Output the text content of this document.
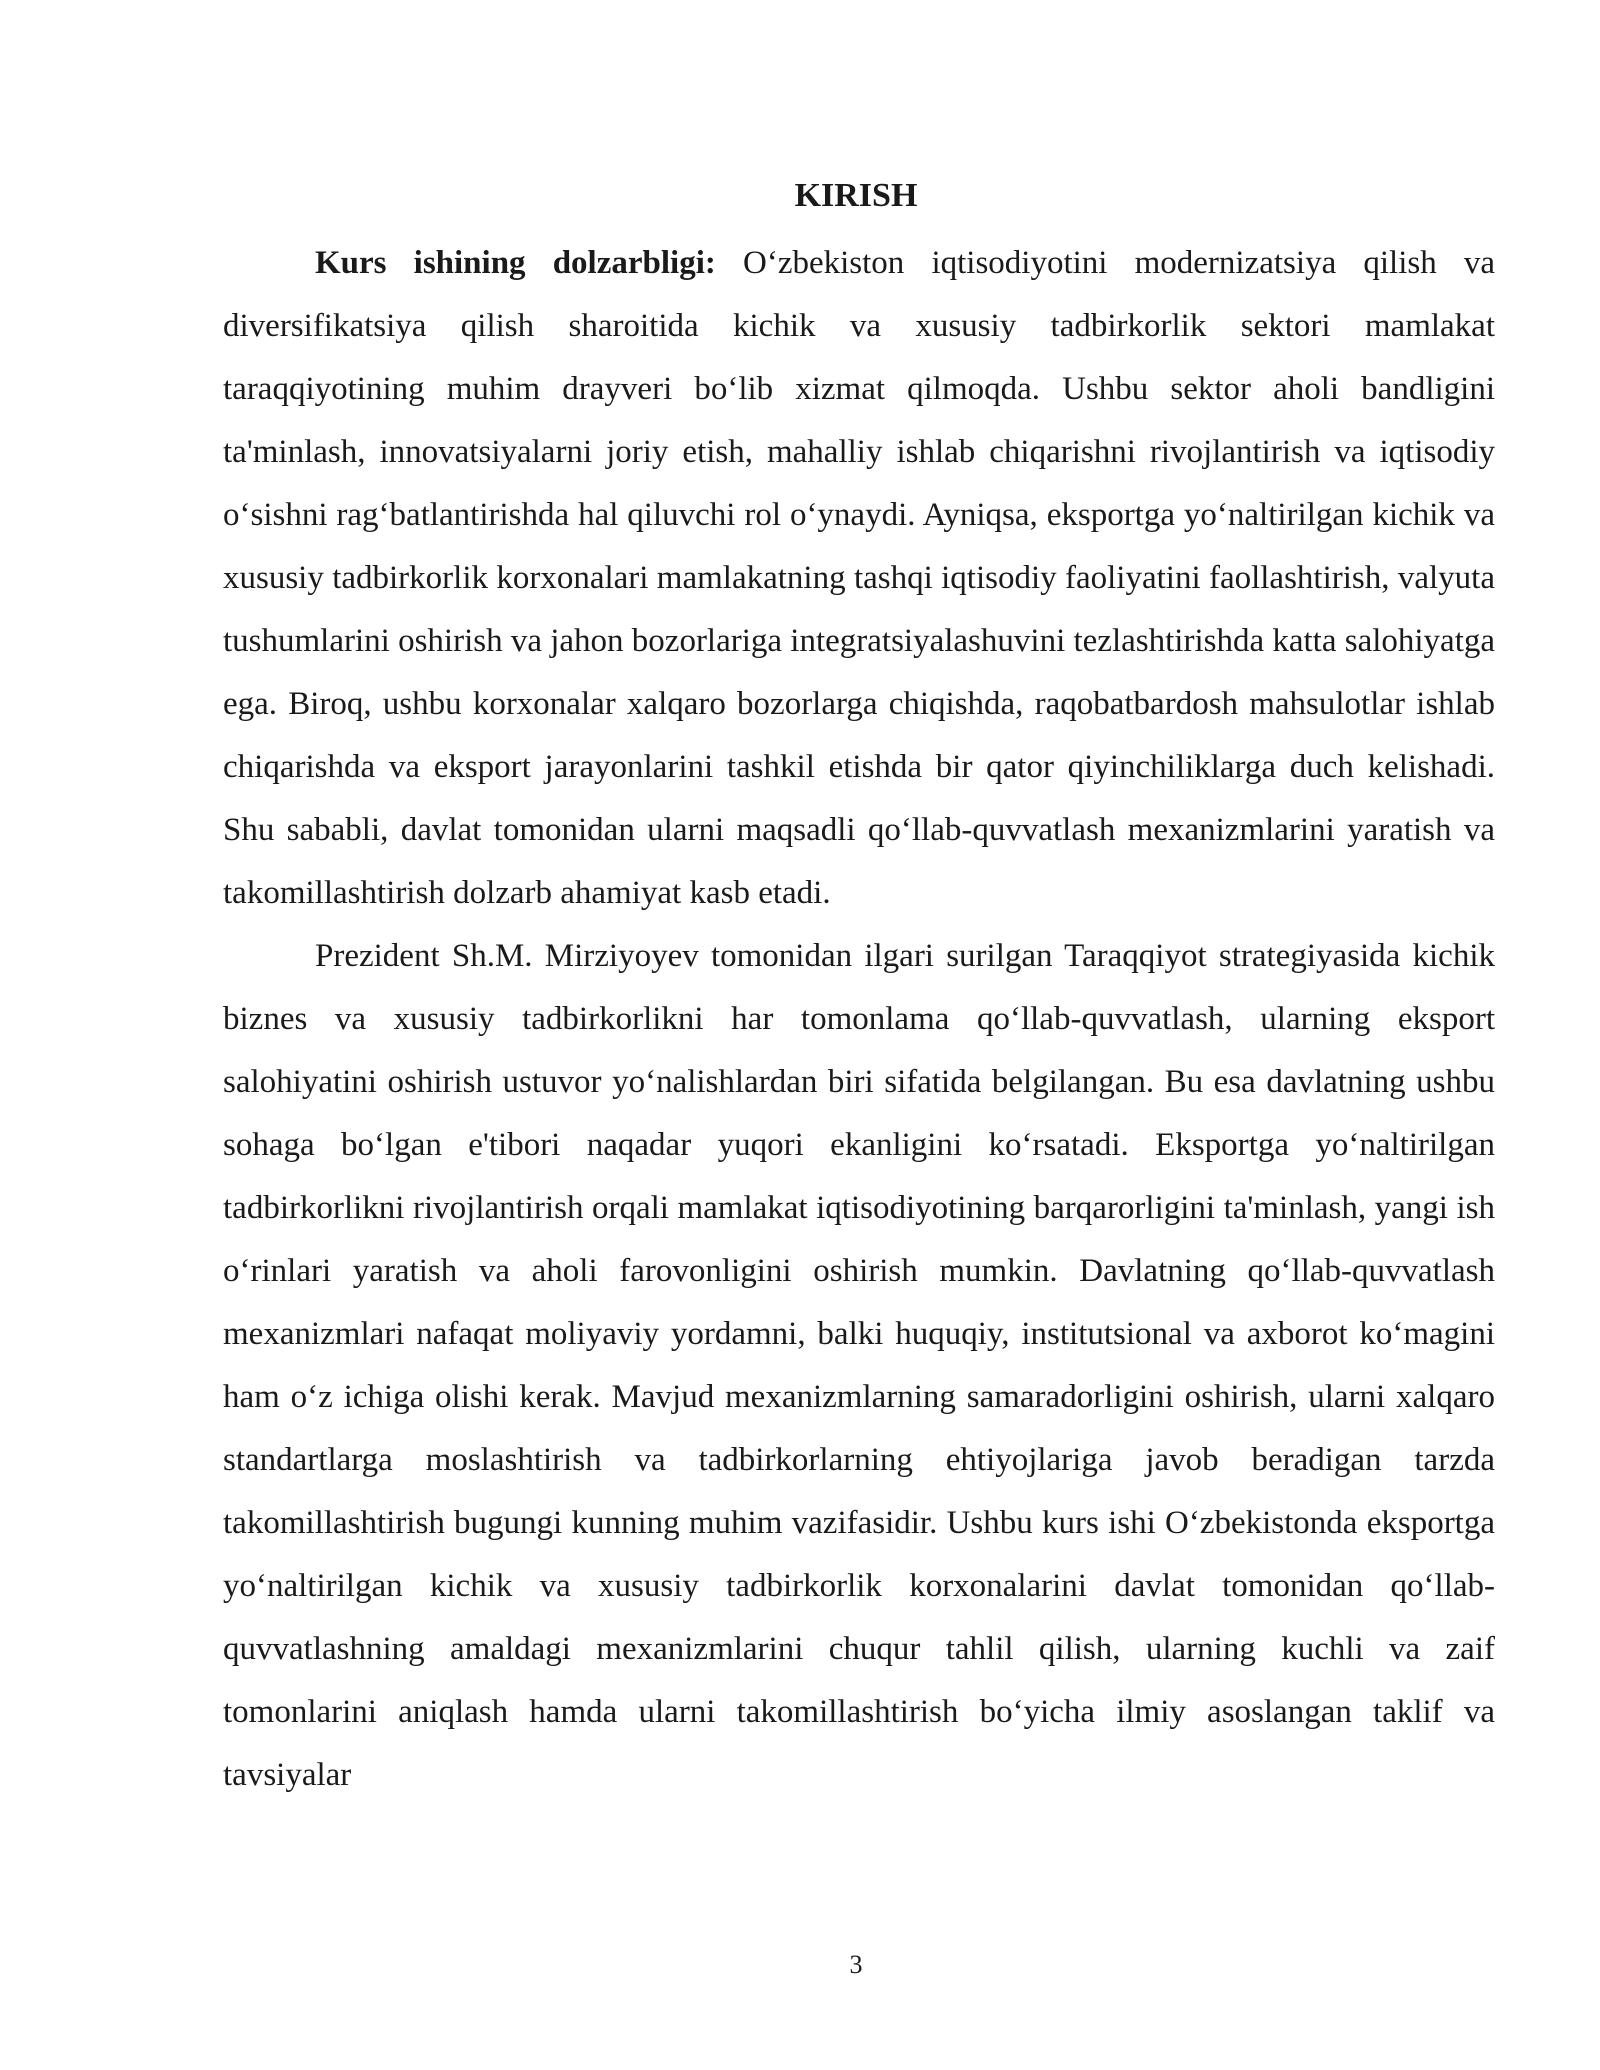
KIRISH

Kurs ishining dolzarbligi: O‘zbekiston iqtisodiyotini modernizatsiya qilish va diversifikatsiya qilish sharoitida kichik va xususiy tadbirkorlik sektori mamlakat taraqqiyotining muhim drayveri bo‘lib xizmat qilmoqda. Ushbu sektor aholi bandligini ta'minlash, innovatsiyalarni joriy etish, mahalliy ishlab chiqarishni rivojlantirish va iqtisodiy o‘sishni rag‘batlantirishda hal qiluvchi rol o‘ynaydi. Ayniqsa, eksportga yo‘naltirilgan kichik va xususiy tadbirkorlik korxonalari mamlakatning tashqi iqtisodiy faoliyatini faollashtirish, valyuta tushumlarini oshirish va jahon bozorlariga integratsiyalashuvini tezlashtirishda katta salohiyatga ega. Biroq, ushbu korxonalar xalqaro bozorlarga chiqishda, raqobatbardosh mahsulotlar ishlab chiqarishda va eksport jarayonlarini tashkil etishda bir qator qiyinchiliklarga duch kelishadi. Shu sababli, davlat tomonidan ularni maqsadli qo‘llab-quvvatlash mexanizmlarini yaratish va takomillashtirish dolzarb ahamiyat kasb etadi.

Prezident Sh.M. Mirziyoyev tomonidan ilgari surilgan Taraqqiyot strategiyasida kichik biznes va xususiy tadbirkorlikni har tomonlama qo‘llab-quvvatlash, ularning eksport salohiyatini oshirish ustuvor yo‘nalishlardan biri sifatida belgilangan. Bu esa davlatning ushbu sohaga bo‘lgan e'tibori naqadar yuqori ekanligini ko‘rsatadi. Eksportga yo‘naltirilgan tadbirkorlikni rivojlantirish orqali mamlakat iqtisodiyotining barqarorligini ta'minlash, yangi ish o‘rinlari yaratish va aholi farovonligini oshirish mumkin. Davlatning qo‘llab-quvvatlash mexanizmlari nafaqat moliyaviy yordamni, balki huquqiy, institutsional va axborot ko‘magini ham o‘z ichiga olishi kerak. Mavjud mexanizmlarning samaradorligini oshirish, ularni xalqaro standartlarga moslashtirish va tadbirkorlarning ehtiyojlariga javob beradigan tarzda takomillashtirish bugungi kunning muhim vazifasidir. Ushbu kurs ishi O‘zbekistonda eksportga yo‘naltirilgan kichik va xususiy tadbirkorlik korxonalarini davlat tomonidan qo‘llab-quvvatlashning amaldagi mexanizmlarini chuqur tahlil qilish, ularning kuchli va zaif tomonlarini aniqlash hamda ularni takomillashtirish bo‘yicha ilmiy asoslangan taklif va tavsiyalar

3
